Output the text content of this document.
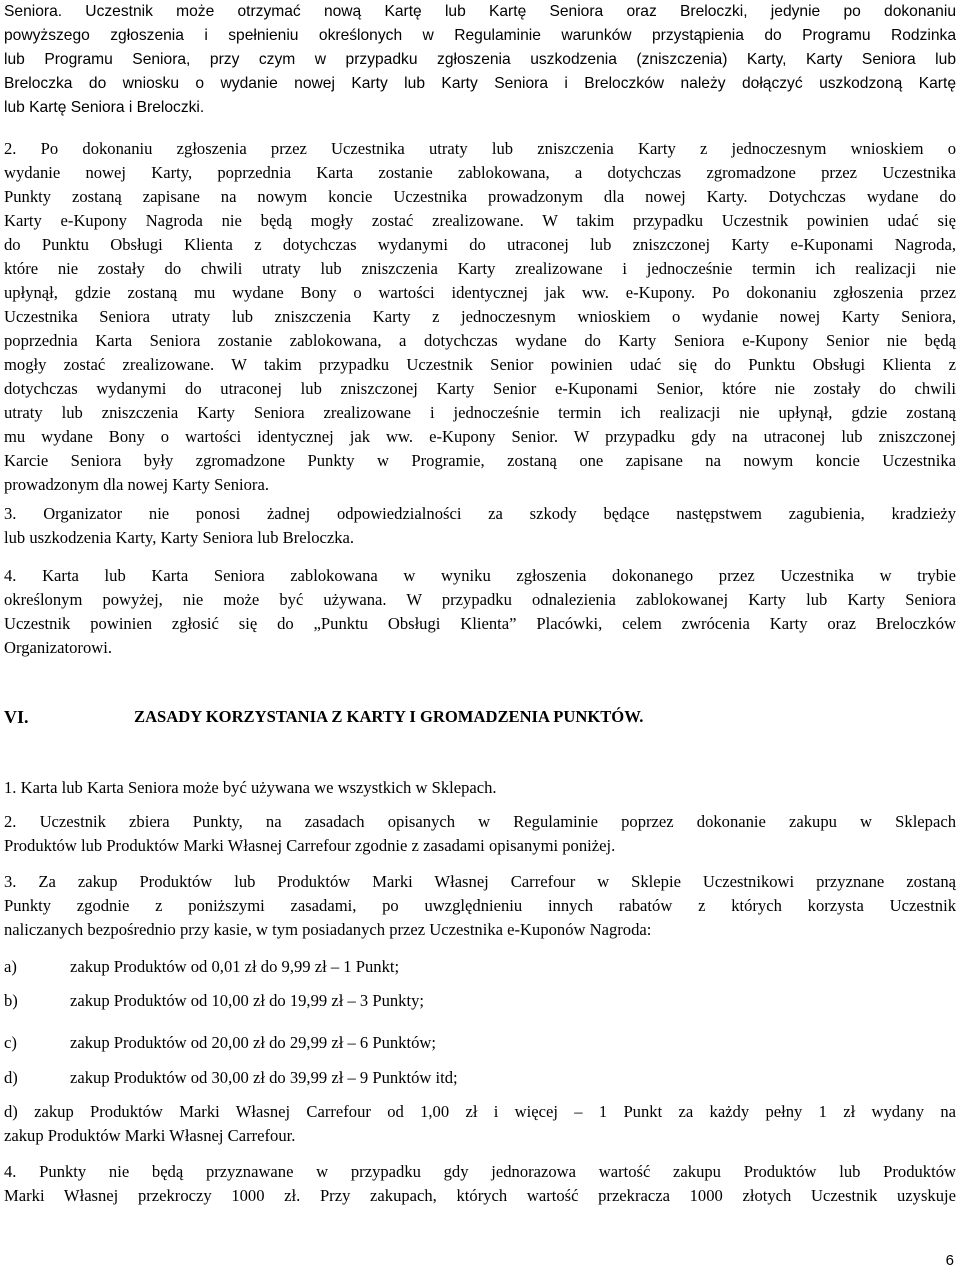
Seniora. Uczestnik może otrzymać nową Kartę lub Kartę Seniora oraz Breloczki, jedynie po dokonaniu
powyższego zgłoszenia i spełnieniu określonych w Regulaminie warunków przystąpienia do Programu Rodzinka
lub Programu Seniora, przy czym w przypadku zgłoszenia uszkodzenia (zniszczenia) Karty, Karty Seniora lub
Breloczka do wniosku o wydanie nowej Karty lub Karty Seniora i Breloczków należy dołączyć uszkodzoną Kartę
lub Kartę Seniora i Breloczki.
2. Po dokonaniu zgłoszenia przez Uczestnika utraty lub zniszczenia Karty z jednoczesnym wnioskiem o
wydanie nowej Karty, poprzednia Karta zostanie zablokowana, a dotychczas zgromadzone przez Uczestnika
Punkty zostaną zapisane na nowym koncie Uczestnika prowadzonym dla nowej Karty. Dotychczas wydane do
Karty e-Kupony Nagroda nie będą mogły zostać zrealizowane. W takim przypadku Uczestnik powinien udać się
do Punktu Obsługi Klienta z dotychczas wydanymi do utraconej lub zniszczonej Karty e-Kuponami Nagroda,
które nie zostały do chwili utraty lub zniszczenia Karty zrealizowane i jednocześnie termin ich realizacji nie
upłynął, gdzie zostaną mu wydane Bony o wartości identycznej jak ww. e-Kupony. Po dokonaniu zgłoszenia przez
Uczestnika Seniora utraty lub zniszczenia Karty z jednoczesnym wnioskiem o wydanie nowej Karty Seniora,
poprzednia Karta Seniora zostanie zablokowana, a dotychczas wydane do Karty Seniora e-Kupony Senior nie będą
mogły zostać zrealizowane. W takim przypadku Uczestnik Senior powinien udać się do Punktu Obsługi Klienta z
dotychczas wydanymi do utraconej lub zniszczonej Karty Senior e-Kuponami Senior, które nie zostały do chwili
utraty lub zniszczenia Karty Seniora zrealizowane i jednocześnie termin ich realizacji nie upłynął, gdzie zostaną
mu wydane Bony o wartości identycznej jak ww. e-Kupony Senior. W przypadku gdy na utraconej lub zniszczonej
Karcie Seniora były zgromadzone Punkty w Programie, zostaną one zapisane na nowym koncie Uczestnika
prowadzonym dla nowej Karty Seniora.
3. Organizator nie ponosi żadnej odpowiedzialności za szkody będące następstwem zagubienia, kradzieży
lub uszkodzenia Karty, Karty Seniora lub Breloczka.
4. Karta lub Karta Seniora zablokowana w wyniku zgłoszenia dokonanego przez Uczestnika w trybie
określonym powyżej, nie może być używana. W przypadku odnalezienia zablokowanej Karty lub Karty Seniora
Uczestnik powinien zgłosić się do „Punktu Obsługi Klienta” Placówki, celem zwrócenia Karty oraz Breloczków
Organizatorowi.
VI.	ZASADY KORZYSTANIA Z KARTY I GROMADZENIA PUNKTÓW.
1. Karta lub Karta Seniora może być używana we wszystkich w Sklepach.
2. Uczestnik zbiera Punkty, na zasadach opisanych w Regulaminie poprzez dokonanie zakupu w Sklepach
Produktów lub Produktów Marki Własnej Carrefour zgodnie z zasadami opisanymi poniżej.
3. Za zakup Produktów lub Produktów Marki Własnej Carrefour w Sklepie Uczestnikowi przyznane zostaną
Punkty zgodnie z poniższymi zasadami, po uwzględnieniu innych rabatów z których korzysta Uczestnik
naliczanych bezpośrednio przy kasie, w tym posiadanych przez Uczestnika e-Kuponów Nagroda:
a)	zakup Produktów od 0,01 zł do 9,99 zł – 1 Punkt;
b)	zakup Produktów od 10,00 zł do 19,99 zł – 3 Punkty;
c)	zakup Produktów od 20,00 zł do 29,99 zł – 6 Punktów;
d)	zakup Produktów od 30,00 zł do 39,99 zł – 9 Punktów itd;
d) zakup Produktów Marki Własnej Carrefour od 1,00 zł i więcej – 1 Punkt za każdy pełny 1 zł wydany na
zakup Produktów Marki Własnej Carrefour.
4. Punkty nie będą przyznawane w przypadku gdy jednorazowa wartość zakupu Produktów lub Produktów
Marki Własnej przekroczy 1000 zł. Przy zakupach, których wartość przekracza 1000 złotych Uczestnik uzyskuje
6
